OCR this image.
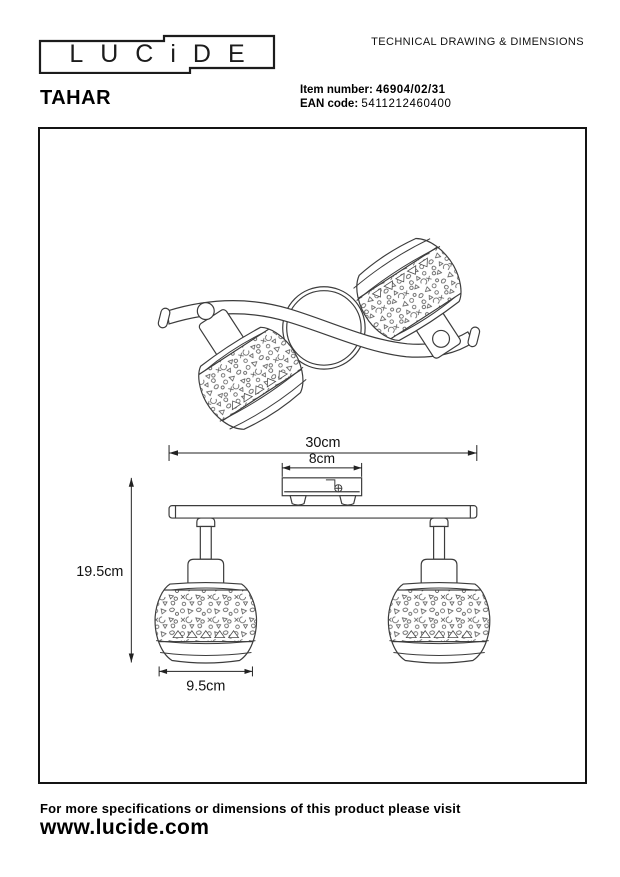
LUCiDE	TECHNICAL DRAWING & DIMENSIONS
TAHAR	Item number: 46904/02/31
EAN code: 5411212460400
30cm
8cm
19.5cm
9.5cm
For more specifications or dimensions of this product please visit
www.lucide.com
